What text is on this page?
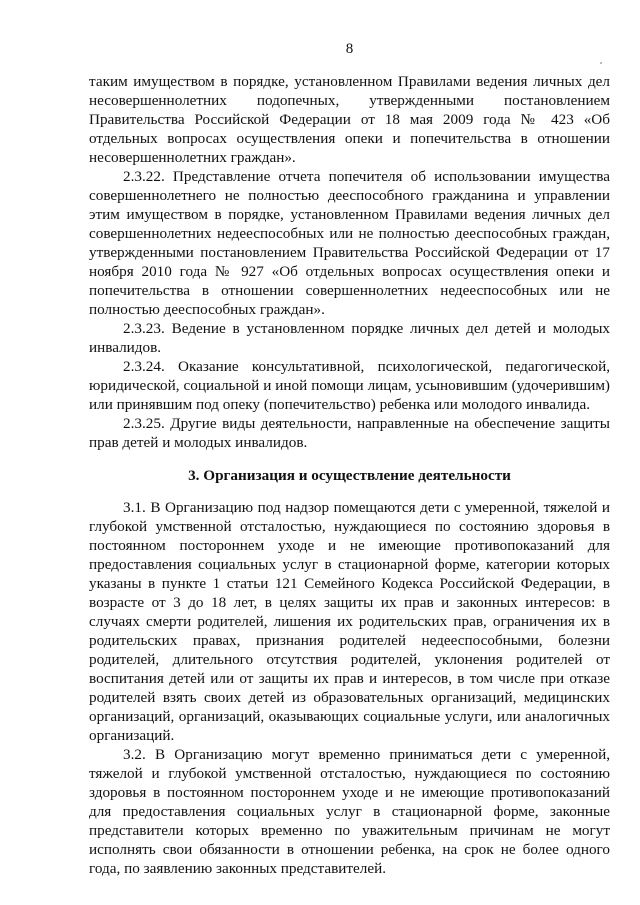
8

таким имуществом в порядке, установленном Правилами ведения личных дел несовершеннолетних подопечных, утвержденными постановлением Правительства Российской Федерации от 18 мая 2009 года № 423 «Об отдельных вопросах осуществления опеки и попечительства в отношении несовершеннолетних граждан».

2.3.22. Представление отчета попечителя об использовании имущества совершеннолетнего не полностью дееспособного гражданина и управлении этим имуществом в порядке, установленном Правилами ведения личных дел совершеннолетних недееспособных или не полностью дееспособных граждан, утвержденными постановлением Правительства Российской Федерации от 17 ноября 2010 года № 927 «Об отдельных вопросах осуществления опеки и попечительства в отношении совершеннолетних недееспособных или не полностью дееспособных граждан».

2.3.23. Ведение в установленном порядке личных дел детей и молодых инвалидов.

2.3.24. Оказание консультативной, психологической, педагогической, юридической, социальной и иной помощи лицам, усыновившим (удочерившим) или принявшим под опеку (попечительство) ребенка или молодого инвалида.

2.3.25. Другие виды деятельности, направленные на обеспечение защиты прав детей и молодых инвалидов.

3. Организация и осуществление деятельности

3.1. В Организацию под надзор помещаются дети с умеренной, тяжелой и глубокой умственной отсталостью, нуждающиеся по состоянию здоровья в постоянном постороннем уходе и не имеющие противопоказаний для предоставления социальных услуг в стационарной форме, категории которых указаны в пункте 1 статьи 121 Семейного Кодекса Российской Федерации, в возрасте от 3 до 18 лет, в целях защиты их прав и законных интересов: в случаях смерти родителей, лишения их родительских прав, ограничения их в родительских правах, признания родителей недееспособными, болезни родителей, длительного отсутствия родителей, уклонения родителей от воспитания детей или от защиты их прав и интересов, в том числе при отказе родителей взять своих детей из образовательных организаций, медицинских организаций, организаций, оказывающих социальные услуги, или аналогичных организаций.

3.2. В Организацию могут временно приниматься дети с умеренной, тяжелой и глубокой умственной отсталостью, нуждающиеся по состоянию здоровья в постоянном постороннем уходе и не имеющие противопоказаний для предоставления социальных услуг в стационарной форме, законные представители которых временно по уважительным причинам не могут исполнять свои обязанности в отношении ребенка, на срок не более одного года, по заявлению законных представителей.
